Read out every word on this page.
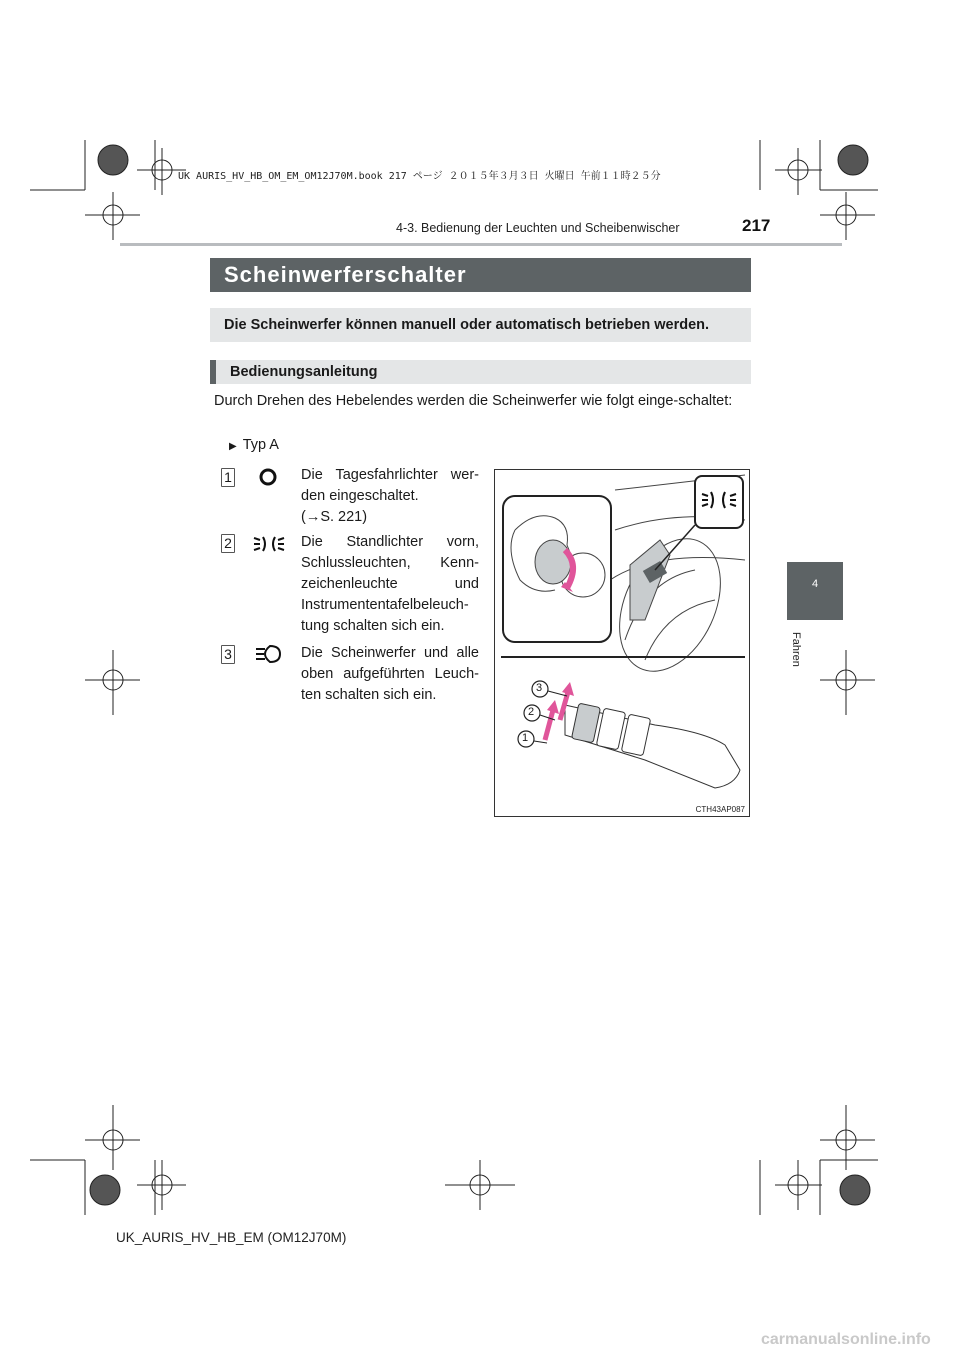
UK AURIS_HV_HB_OM_EM_OM12J70M.book 217 ページ ２０１５年３月３日 火曜日 午前１１時２５分
4-3. Bedienung der Leuchten und Scheibenwischer	217
4
Fahren
Scheinwerferschalter
Die Scheinwerfer können manuell oder automatisch betrieben werden.
Bedienungsanleitung
Durch Drehen des Hebelendes werden die Scheinwerfer wie folgt einge-schaltet:
▶ Typ A
1	Die Tagesfahrlichter wer-den eingeschaltet.
(→S. 221)
2	Die Standlichter vorn, Schlussleuchten, Kenn-zeichenleuchte und Instrumententafelbeleuch-tung schalten sich ein.
3	Die Scheinwerfer und alle oben aufgeführten Leuch-ten schalten sich ein.	3
2
1
CTH43AP087
UK_AURIS_HV_HB_EM (OM12J70M)
carmanualsonline.info
